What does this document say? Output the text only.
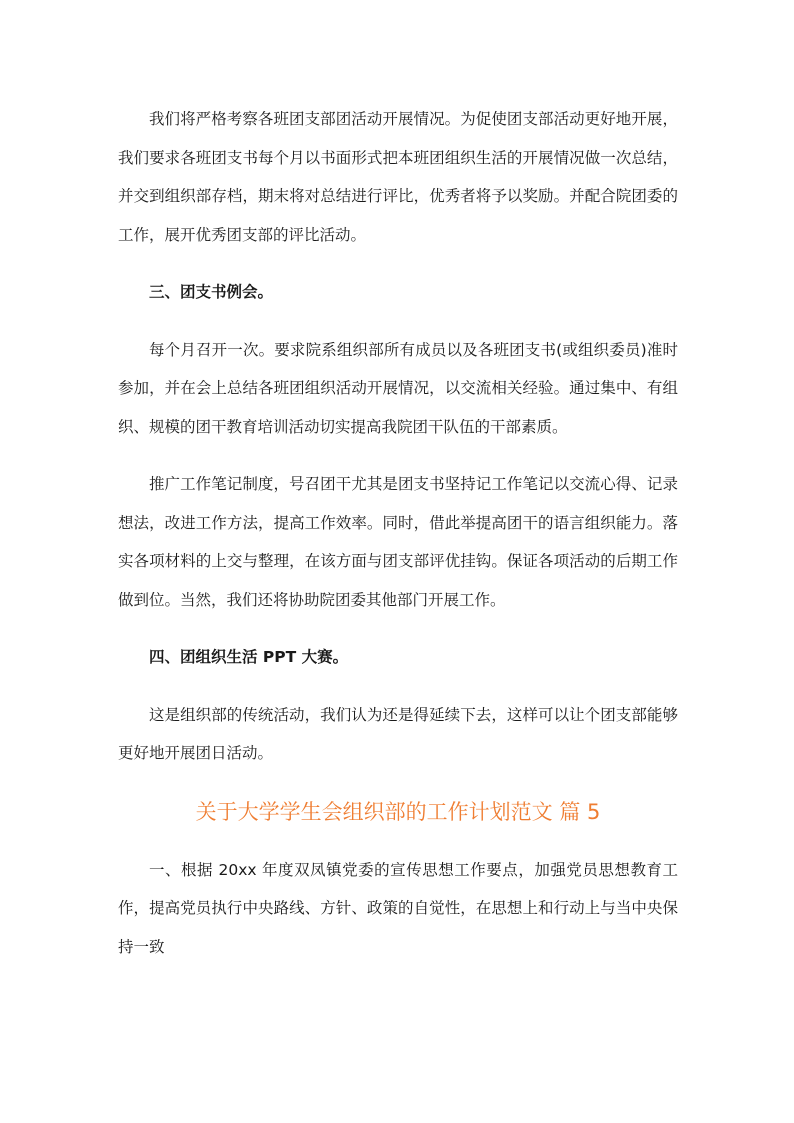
我们将严格考察各班团支部团活动开展情况。为促使团支部活动更好地开展，我们要求各班团支书每个月以书面形式把本班团组织生活的开展情况做一次总结，并交到组织部存档，期末将对总结进行评比，优秀者将予以奖励。并配合院团委的工作，展开优秀团支部的评比活动。

三、团支书例会。

每个月召开一次。要求院系组织部所有成员以及各班团支书(或组织委员)准时参加，并在会上总结各班团组织活动开展情况，以交流相关经验。通过集中、有组织、规模的团干教育培训活动切实提高我院团干队伍的干部素质。

推广工作笔记制度，号召团干尤其是团支书坚持记工作笔记以交流心得、记录想法，改进工作方法，提高工作效率。同时，借此举提高团干的语言组织能力。落实各项材料的上交与整理，在该方面与团支部评优挂钩。保证各项活动的后期工作做到位。当然，我们还将协助院团委其他部门开展工作。

四、团组织生活 PPT 大赛。

这是组织部的传统活动，我们认为还是得延续下去，这样可以让个团支部能够更好地开展团日活动。

关于大学学生会组织部的工作计划范文 篇 5

一、根据 20xx 年度双凤镇党委的宣传思想工作要点，加强党员思想教育工作，提高党员执行中央路线、方针、政策的自觉性，在思想上和行动上与当中央保持一致
